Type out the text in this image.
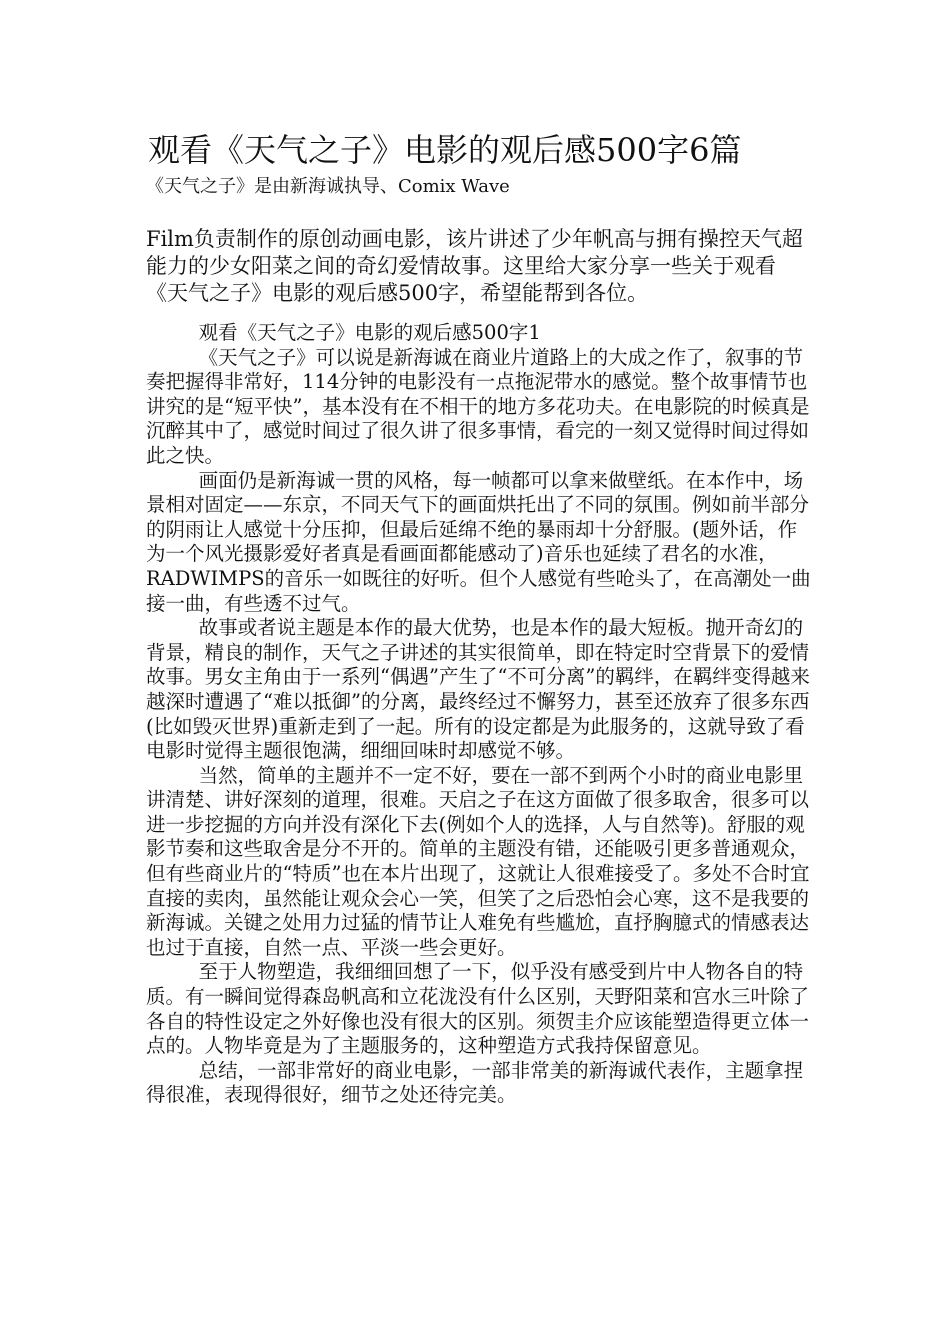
观看《天气之子》电影的观后感500字6篇
《天气之子》是由新海诚执导、Comix Wave

Film负责制作的原创动画电影，该片讲述了少年帆高与拥有操控天气超能力的少女阳菜之间的奇幻爱情故事。这里给大家分享一些关于观看《天气之子》电影的观后感500字，希望能帮到各位。

观看《天气之子》电影的观后感500字1

《天气之子》可以说是新海诚在商业片道路上的大成之作了，叙事的节奏把握得非常好，114分钟的电影没有一点拖泥带水的感觉。整个故事情节也讲究的是“短平快”，基本没有在不相干的地方多花功夫。在电影院的时候真是沉醉其中了，感觉时间过了很久讲了很多事情，看完的一刻又觉得时间过得如此之快。

画面仍是新海诚一贯的风格，每一帧都可以拿来做壁纸。在本作中，场景相对固定——东京，不同天气下的画面烘托出了不同的氛围。例如前半部分的阴雨让人感觉十分压抑，但最后延绵不绝的暴雨却十分舒服。(题外话，作为一个风光摄影爱好者真是看画面都能感动了)音乐也延续了君名的水准，RADWIMPS的音乐一如既往的好听。但个人感觉有些呛头了，在高潮处一曲接一曲，有些透不过气。

故事或者说主题是本作的最大优势，也是本作的最大短板。抛开奇幻的背景，精良的制作，天气之子讲述的其实很简单，即在特定时空背景下的爱情故事。男女主角由于一系列“偶遇”产生了“不可分离”的羁绊，在羁绊变得越来越深时遭遇了“难以抵御”的分离，最终经过不懈努力，甚至还放弃了很多东西(比如毁灭世界)重新走到了一起。所有的设定都是为此服务的，这就导致了看电影时觉得主题很饱满，细细回味时却感觉不够。

当然，简单的主题并不一定不好，要在一部不到两个小时的商业电影里讲清楚、讲好深刻的道理，很难。天启之子在这方面做了很多取舍，很多可以进一步挖掘的方向并没有深化下去(例如个人的选择，人与自然等)。舒服的观影节奏和这些取舍是分不开的。简单的主题没有错，还能吸引更多普通观众，但有些商业片的“特质”也在本片出现了，这就让人很难接受了。多处不合时宜直接的卖肉，虽然能让观众会心一笑，但笑了之后恐怕会心寒，这不是我要的新海诚。关键之处用力过猛的情节让人难免有些尴尬，直抒胸臆式的情感表达也过于直接，自然一点、平淡一些会更好。

至于人物塑造，我细细回想了一下，似乎没有感受到片中人物各自的特质。有一瞬间觉得森岛帆高和立花泷没有什么区别，天野阳菜和宫水三叶除了各自的特性设定之外好像也没有很大的区别。须贺圭介应该能塑造得更立体一点的。人物毕竟是为了主题服务的，这种塑造方式我持保留意见。

总结，一部非常好的商业电影，一部非常美的新海诚代表作，主题拿捏得很准，表现得很好，细节之处还待完美。
